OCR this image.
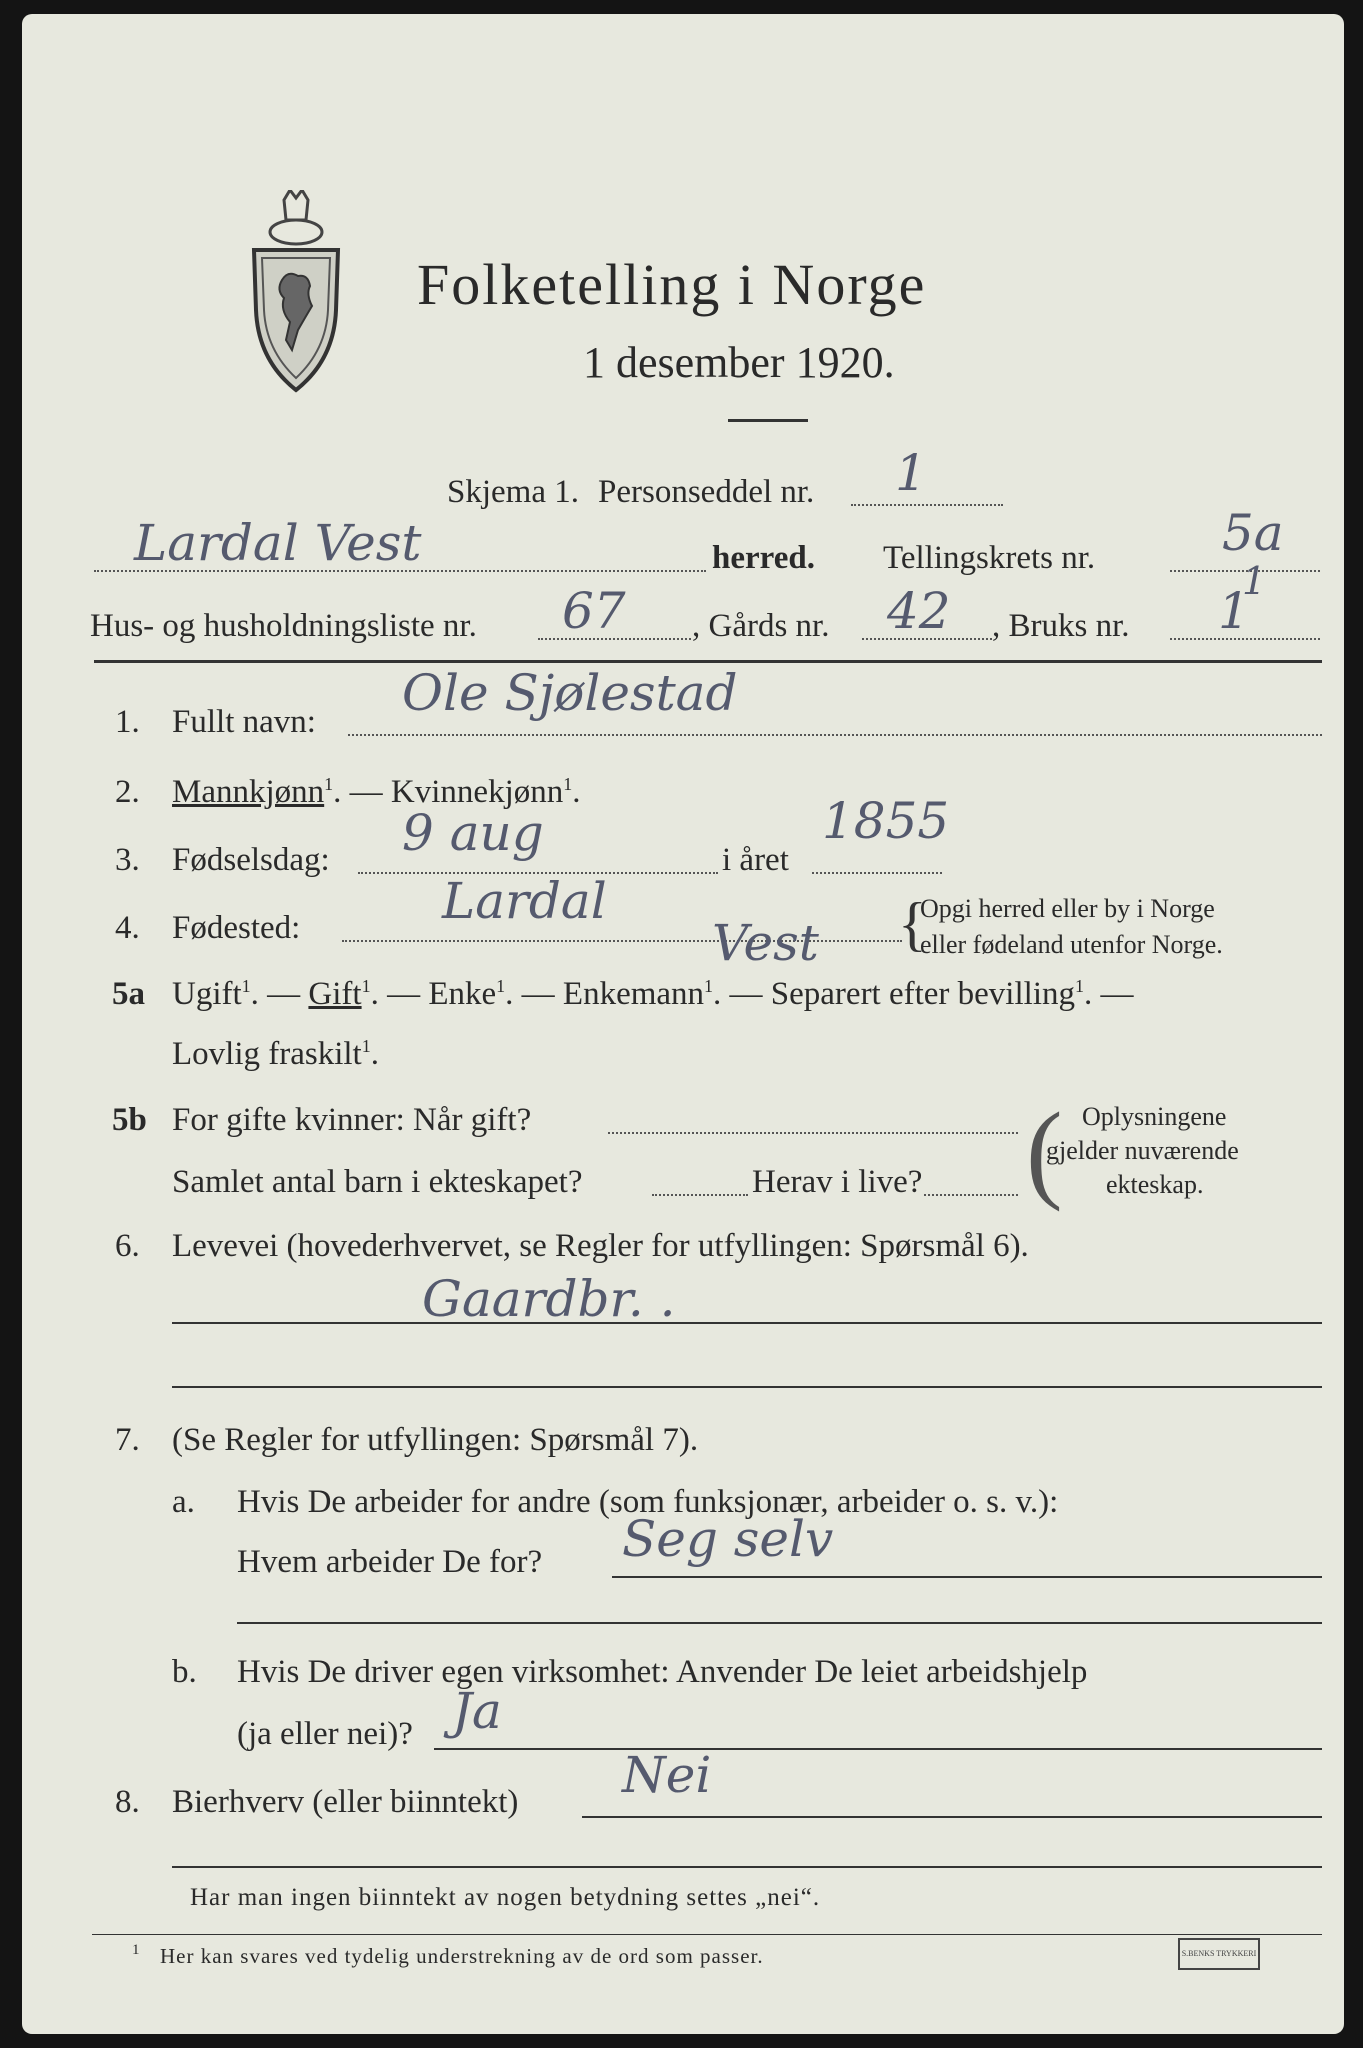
Folketelling i Norge
1 desember 1920.
Skjema 1. Personseddel nr. 1
Lardal Vest	herred. Tellingskrets nr.	5a
1
Hus- og husholdningsliste nr. 67 , Gårds nr. 42 , Bruks nr. 1
1. Fullt navn: Ole Sjølestad
2. Mannkjønn$^1$. — Kvinnekjønn$^1$.
3. Fødselsdag: 9 aug	i året
1855
4. Fødested:	Lardal
Vest {
Opgi herred eller by i Norge
eller fødeland utenfor Norge.
5a Ugift$^1$. — Gift$^1$. — Enke$^1$. — Enkemann$^1$. — Separert efter bevilling$^1$. —
Lovlig fraskilt$^1$.
5b For gifte kvinner: Når gift?
Samlet antal barn i ekteskapet?	Herav i live? ( Oplysningene
gjelder nuværende
ekteskap.
6. Levevei (hovederhvervet, se Regler for utfyllingen: Spørsmål 6).
Gaardbr. .
7. (Se Regler for utfyllingen: Spørsmål 7).
a. Hvis De arbeider for andre (som funksjonær, arbeider o. s. v.):
Hvem arbeider De for? Seg selv
b. Hvis De driver egen virksomhet: Anvender De leiet arbeidshjelp
(ja eller nei)? Ja
8. Bierhverv (eller biinntekt) Nei
Har man ingen biinntekt av nogen betydning settes „nei“.
1 Her kan svares ved tydelig understrekning av de ord som passer.	S.BENKS TRYKKERI
